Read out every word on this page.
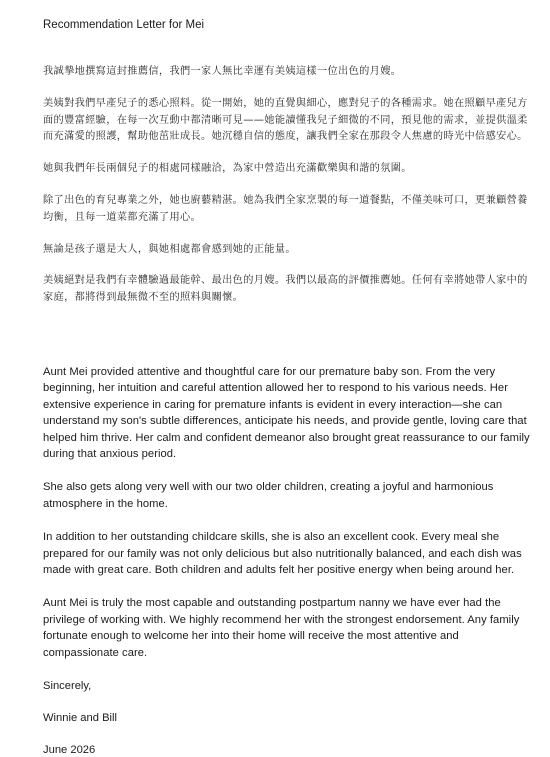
Recommendation Letter for Mei

我誠摯地撰寫這封推薦信，我們一家人無比幸運有美姨這樣一位出色的月嫂。

美姨對我們早產兒子的悉心照料。從一開始，她的直覺與細心，應對兒子的各種需求。她在照顧早產兒方面的豐富經驗，在每一次互動中都清晰可見——她能讀懂我兒子細微的不同，預見他的需求，並提供溫柔而充滿愛的照護，幫助他茁壯成長。她沉穩自信的態度，讓我們全家在那段令人焦慮的時光中倍感安心。

她與我們年長兩個兒子的相處同樣融洽，為家中營造出充滿歡樂與和諧的氛圍。

除了出色的育兒專業之外，她也廚藝精湛。她為我們全家烹製的每一道餐點，不僅美味可口，更兼顧營養均衡，且每一道菜都充滿了用心。

無論是孩子還是大人，與她相處都會感到她的正能量。

美姨絕對是我們有幸體驗過最能幹、最出色的月嫂。我們以最高的評價推薦她。任何有幸將她帶人家中的家庭，都將得到最無微不至的照料與關懷。

Aunt Mei provided attentive and thoughtful care for our premature baby son. From the very beginning, her intuition and careful attention allowed her to respond to his various needs. Her extensive experience in caring for premature infants is evident in every interaction—she can understand my son's subtle differences, anticipate his needs, and provide gentle, loving care that helped him thrive. Her calm and confident demeanor also brought great reassurance to our family during that anxious period.

She also gets along very well with our two older children, creating a joyful and harmonious atmosphere in the home.

In addition to her outstanding childcare skills, she is also an excellent cook. Every meal she prepared for our family was not only delicious but also nutritionally balanced, and each dish was made with great care. Both children and adults felt her positive energy when being around her.

Aunt Mei is truly the most capable and outstanding postpartum nanny we have ever had the privilege of working with. We highly recommend her with the strongest endorsement. Any family fortunate enough to welcome her into their home will receive the most attentive and compassionate care.

Sincerely,

Winnie and Bill

June 2026
